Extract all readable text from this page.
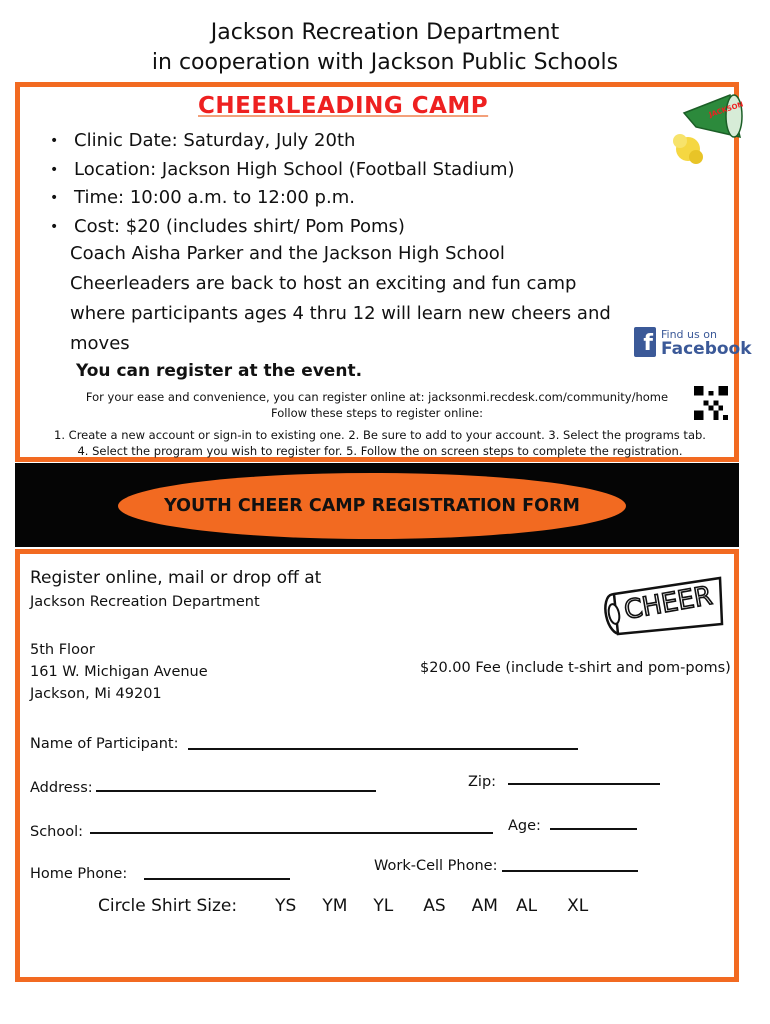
Jackson Recreation Department
in cooperation with Jackson Public Schools
CHEERLEADING CAMP	JACKSON
• Clinic Date: Saturday, July 20th
• Location: Jackson High School (Football Stadium)
• Time: 10:00 a.m. to 12:00 p.m.
• Cost: $20 (includes shirt/ Pom Poms)
Coach Aisha Parker and the Jackson High School
Cheerleaders are back to host an exciting and fun camp
where participants ages 4 thru 12 will learn new cheers and
moves	f Find us on
Facebook
You can register at the event.
For your ease and convenience, you can register online at: jacksonmi.recdesk.com/community/home
Follow these steps to register online:
1. Create a new account or sign-in to existing one. 2. Be sure to add to your account. 3. Select the programs tab.
4. Select the program you wish to register for. 5. Follow the on screen steps to complete the registration.
YOUTH CHEER CAMP REGISTRATION FORM
Register online, mail or drop off at
Jackson Recreation Department
5th Floor
161 W. Michigan Avenue
Jackson, Mi 49201
$20.00 Fee (include t-shirt and pom-poms)
CHEER
Name of Participant:
Address:	Zip:
School:	Age:
Home Phone:	Work-Cell Phone:
Circle Shirt Size: YS YM YL AS AM AL XL
